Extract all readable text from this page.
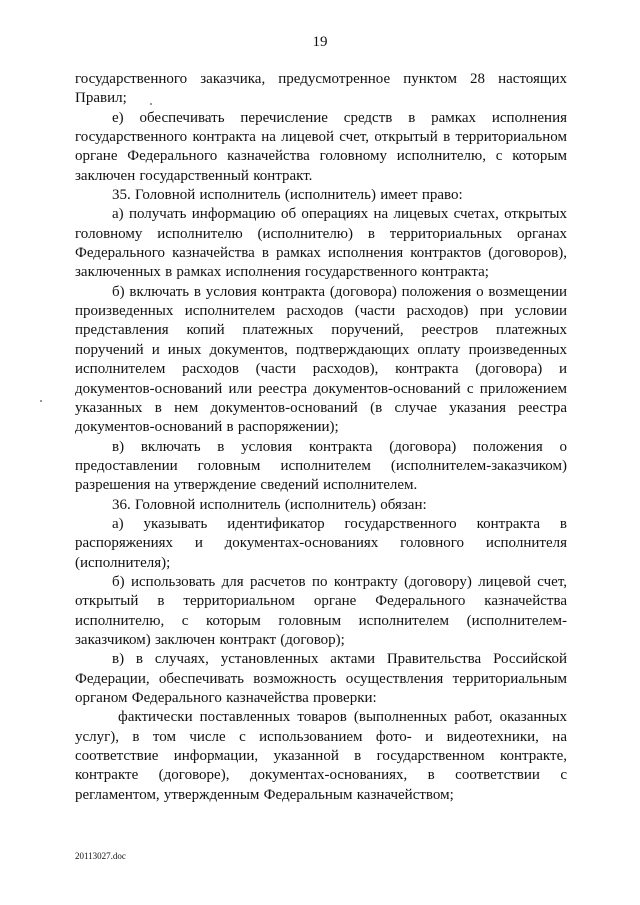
19

государственного заказчика, предусмотренное пунктом 28 настоящих Правил;

е) обеспечивать перечисление средств в рамках исполнения государственного контракта на лицевой счет, открытый в территориальном органе Федерального казначейства головному исполнителю, с которым заключен государственный контракт.

35. Головной исполнитель (исполнитель) имеет право:

а) получать информацию об операциях на лицевых счетах, открытых головному исполнителю (исполнителю) в территориальных органах Федерального казначейства в рамках исполнения контрактов (договоров), заключенных в рамках исполнения государственного контракта;

б) включать в условия контракта (договора) положения о возмещении произведенных исполнителем расходов (части расходов) при условии представления копий платежных поручений, реестров платежных поручений и иных документов, подтверждающих оплату произведенных исполнителем расходов (части расходов), контракта (договора) и документов-оснований или реестра документов-оснований с приложением указанных в нем документов-оснований (в случае указания реестра документов-оснований в распоряжении);

в) включать в условия контракта (договора) положения о предоставлении головным исполнителем (исполнителем-заказчиком) разрешения на утверждение сведений исполнителем.

36. Головной исполнитель (исполнитель) обязан:

а) указывать идентификатор государственного контракта в распоряжениях и документах-основаниях головного исполнителя (исполнителя);

б) использовать для расчетов по контракту (договору) лицевой счет, открытый в территориальном органе Федерального казначейства исполнителю, с которым головным исполнителем (исполнителем-заказчиком) заключен контракт (договор);

в) в случаях, установленных актами Правительства Российской Федерации, обеспечивать возможность осуществления территориальным органом Федерального казначейства проверки:

фактически поставленных товаров (выполненных работ, оказанных услуг), в том числе с использованием фото- и видеотехники, на соответствие информации, указанной в государственном контракте, контракте (договоре), документах-основаниях, в соответствии с регламентом, утвержденным Федеральным казначейством;

20113027.doc
